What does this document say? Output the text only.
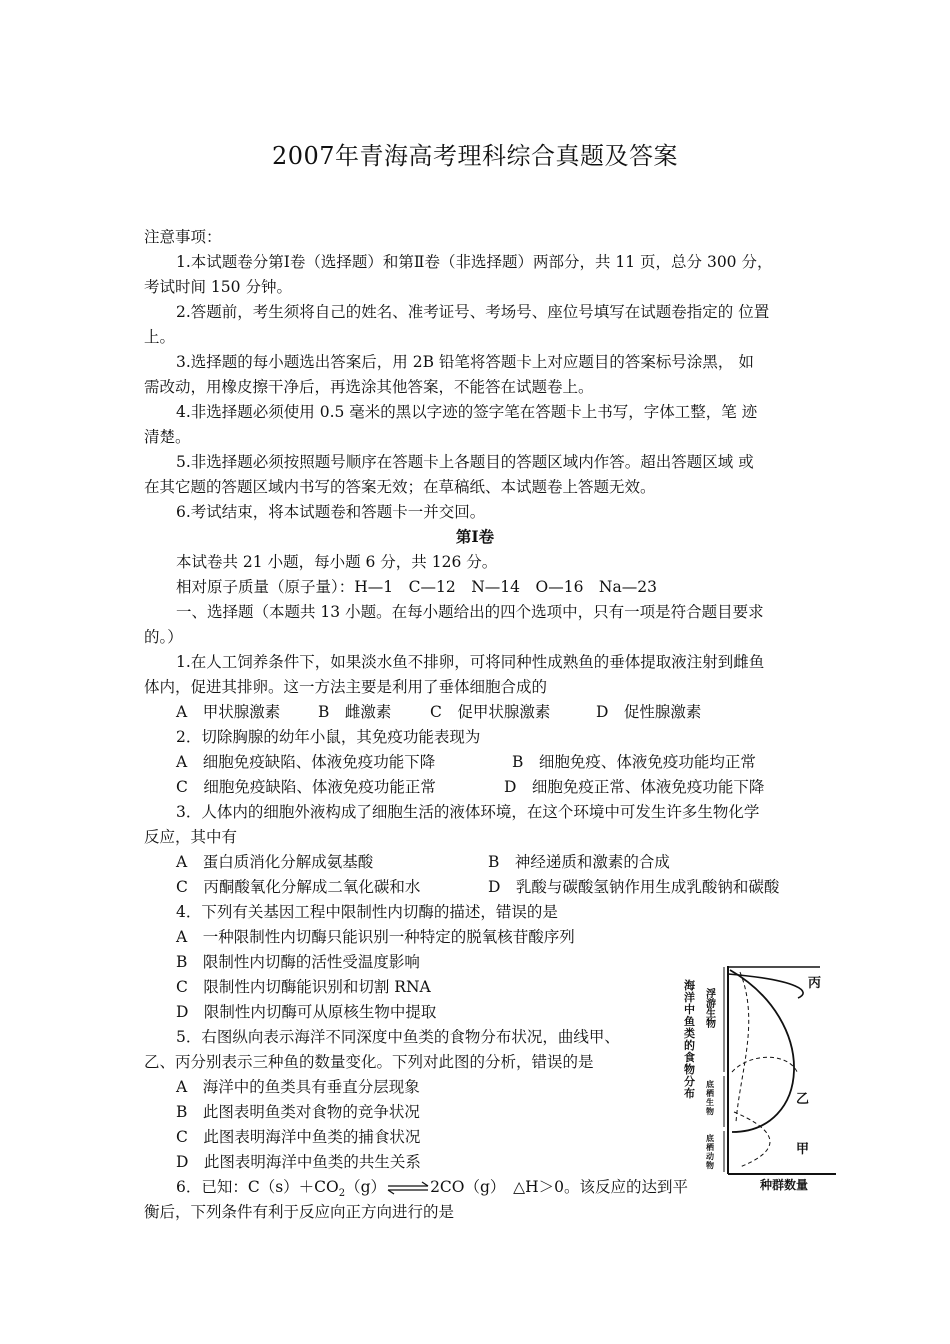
2007年青海高考理科综合真题及答案
注意事项：
1.本试题卷分第Ⅰ卷（选择题）和第Ⅱ卷（非选择题）两部分，共 11 页，总分 300 分，
考试时间 150 分钟。
2.答题前，考生须将自己的姓名、准考证号、考场号、座位号填写在试题卷指定的 位置
上。
3.选择题的每小题选出答案后，用 2B 铅笔将答题卡上对应题目的答案标号涂黑， 如
需改动，用橡皮擦干净后，再选涂其他答案，不能答在试题卷上。
4.非选择题必须使用 0.5 毫米的黑以字迹的签字笔在答题卡上书写，字体工整，笔 迹
清楚。
5.非选择题必须按照题号顺序在答题卡上各题目的答题区域内作答。超出答题区域 或
在其它题的答题区域内书写的答案无效；在草稿纸、本试题卷上答题无效。
6.考试结束，将本试题卷和答题卡一并交回。
第Ⅰ卷
本试卷共 21 小题，每小题 6 分，共 126 分。
相对原子质量（原子量）：H—1　C—12　N—14　O—16　Na—23
一、选择题（本题共 13 小题。在每小题给出的四个选项中，只有一项是符合题目要求
的。）
1.在人工饲养条件下，如果淡水鱼不排卵，可将同种性成熟鱼的垂体提取液注射到雌鱼
体内，促进其排卵。这一方法主要是利用了垂体细胞合成的
A　甲状腺激素 B　雌激素 C　促甲状腺激素	D　促性腺激素
2．切除胸腺的幼年小鼠，其免疫功能表现为
A　细胞免疫缺陷、体液免疫功能下降	B　细胞免疫、体液免疫功能均正常
C　细胞免疫缺陷、体液免疫功能正常	D　细胞免疫正常、体液免疫功能下降
3．人体内的细胞外液构成了细胞生活的液体环境，在这个环境中可发生许多生物化学
反应，其中有
A　蛋白质消化分解成氨基酸	B　神经递质和激素的合成
C　丙酮酸氧化分解成二氧化碳和水	D　乳酸与碳酸氢钠作用生成乳酸钠和碳酸
4．下列有关基因工程中限制性内切酶的描述，错误的是
A　一种限制性内切酶只能识别一种特定的脱氧核苷酸序列
B　限制性内切酶的活性受温度影响
C　限制性内切酶能识别和切割 RNA
D　限制性内切酶可从原核生物中提取
5．右图纵向表示海洋不同深度中鱼类的食物分布状况，曲线甲、
乙、丙分别表示三种鱼的数量变化。下列对此图的分析，错误的是
A　海洋中的鱼类具有垂直分层现象
B　此图表明鱼类对食物的竞争状况
C　此图表明海洋中鱼类的捕食状况
D　此图表明海洋中鱼类的共生关系
6．已知：$C(s)+CO_2(g)\rightleftharpoons 2CO(g)$　△H＞0。该反应的达到平
衡后，下列条件有利于反应向正方向进行的是
海洋中鱼类的食物分布
浮游生物
底栖生物
底栖动物
丙
乙
甲
种群数量
